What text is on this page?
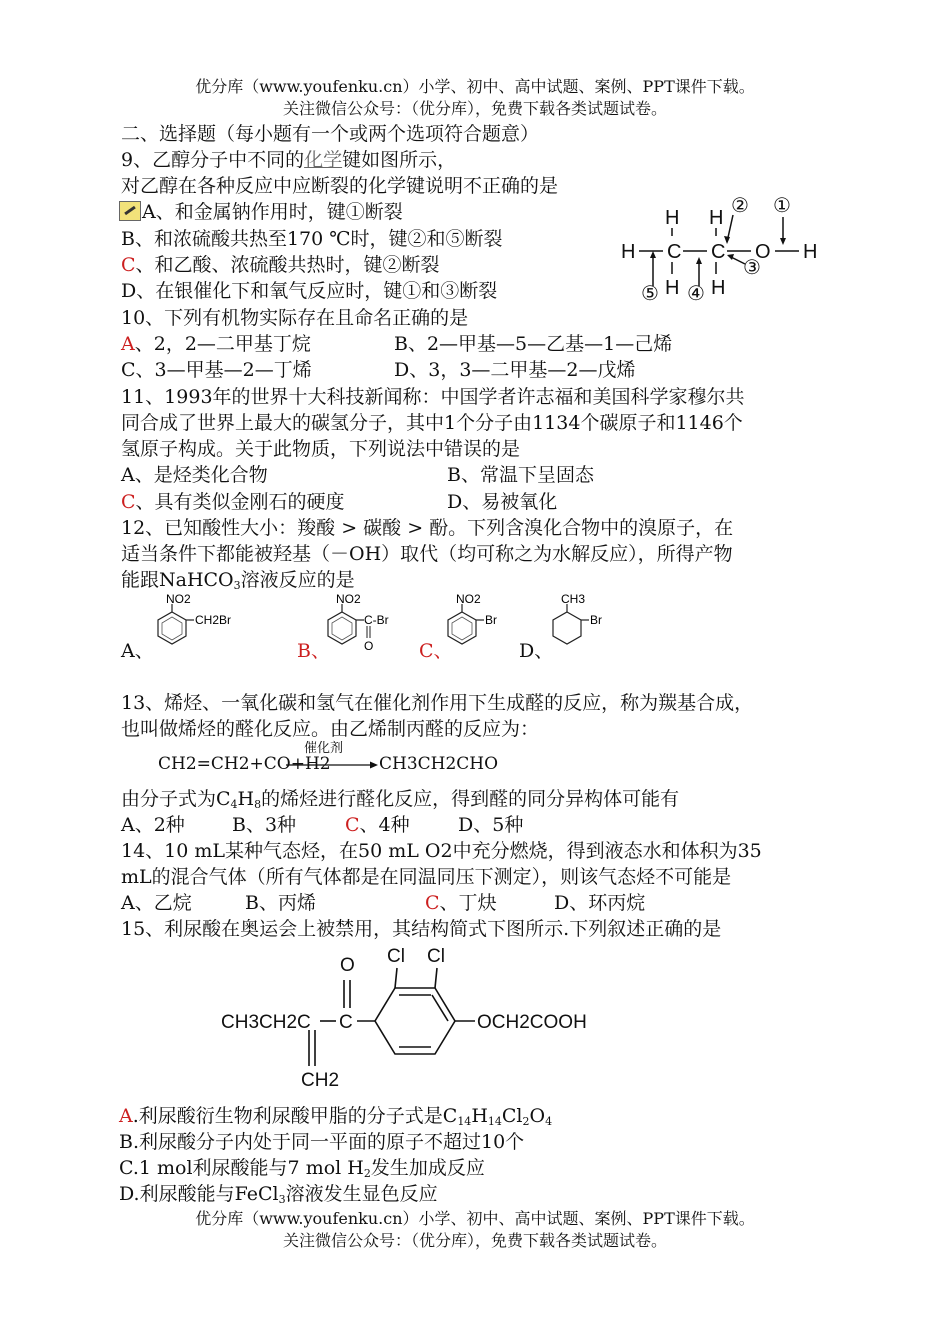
优分库（www.youfenku.cn）小学、初中、高中试题、案例、PPT课件下载。
关注微信公众号：（优分库），免费下载各类试题试卷。
二、选择题（每小题有一个或两个选项符合题意）
9、乙醇分子中不同的化学键如图所示，
对乙醇在各种反应中应断裂的化学键说明不正确的是
A、和金属钠作用时，键①断裂
B、和浓硫酸共热至170 ℃时，键②和⑤断裂
C、和乙酸、浓硫酸共热时，键②断裂
D、在银催化下和氧气反应时，键①和③断裂
H H
H C C O H
H H
①
②
③
④
⑤
10、下列有机物实际存在且命名正确的是
A、2，2—二甲基丁烷	B、2—甲基—5—乙基—1—己烯
C、3—甲基—2—丁烯	D、3，3—二甲基—2—戊烯
11、1993年的世界十大科技新闻称：中国学者许志福和美国科学家穆尔共
同合成了世界上最大的碳氢分子，其中1个分子由1134个碳原子和1146个
氢原子构成。关于此物质，下列说法中错误的是
A、是烃类化合物	B、常温下呈固态
C、具有类似金刚石的硬度	D、易被氧化
12、已知酸性大小：羧酸 > 碳酸 > 酚。下列含溴化合物中的溴原子，在
适当条件下都能被羟基（－OH）取代（均可称之为水解反应），所得产物
能跟NaHCO$_3$溶液反应的是
A、	B、	C、	D、
NO2
CH2Br
NO2
C-Br
O
NO2
Br
CH3
Br
13、烯烃、一氧化碳和氢气在催化剂作用下生成醛的反应，称为羰基合成，
也叫做烯烃的醛化反应。由乙烯制丙醛的反应为：
CH2=CH2+CO+H2
催化剂
CH3CH2CHO
由分子式为$C_4H_8$的烯烃进行醛化反应，得到醛的同分异构体可能有
A、2种 B、3种	C、4种	D、5种
14、10 mL某种气态烃，在50 mL O2中充分燃烧，得到液态水和体积为35
mL的混合气体（所有气体都是在同温同压下测定），则该气态烃不可能是
A、乙烷	B、丙烯	C、丁炔	D、环丙烷
15、利尿酸在奥运会上被禁用，其结构简式下图所示.下列叙述正确的是
CH3CH2C C
O Cl Cl
OCH2COOH
CH2
A.利尿酸衍生物利尿酸甲脂的分子式是$C_{14}H_{14}Cl_2O_4$
B.利尿酸分子内处于同一平面的原子不超过10个
C.1 mol利尿酸能与7 mol $H_2$发生加成反应
D.利尿酸能与FeCl$_3$溶液发生显色反应
优分库（www.youfenku.cn）小学、初中、高中试题、案例、PPT课件下载。
关注微信公众号：（优分库），免费下载各类试题试卷。
